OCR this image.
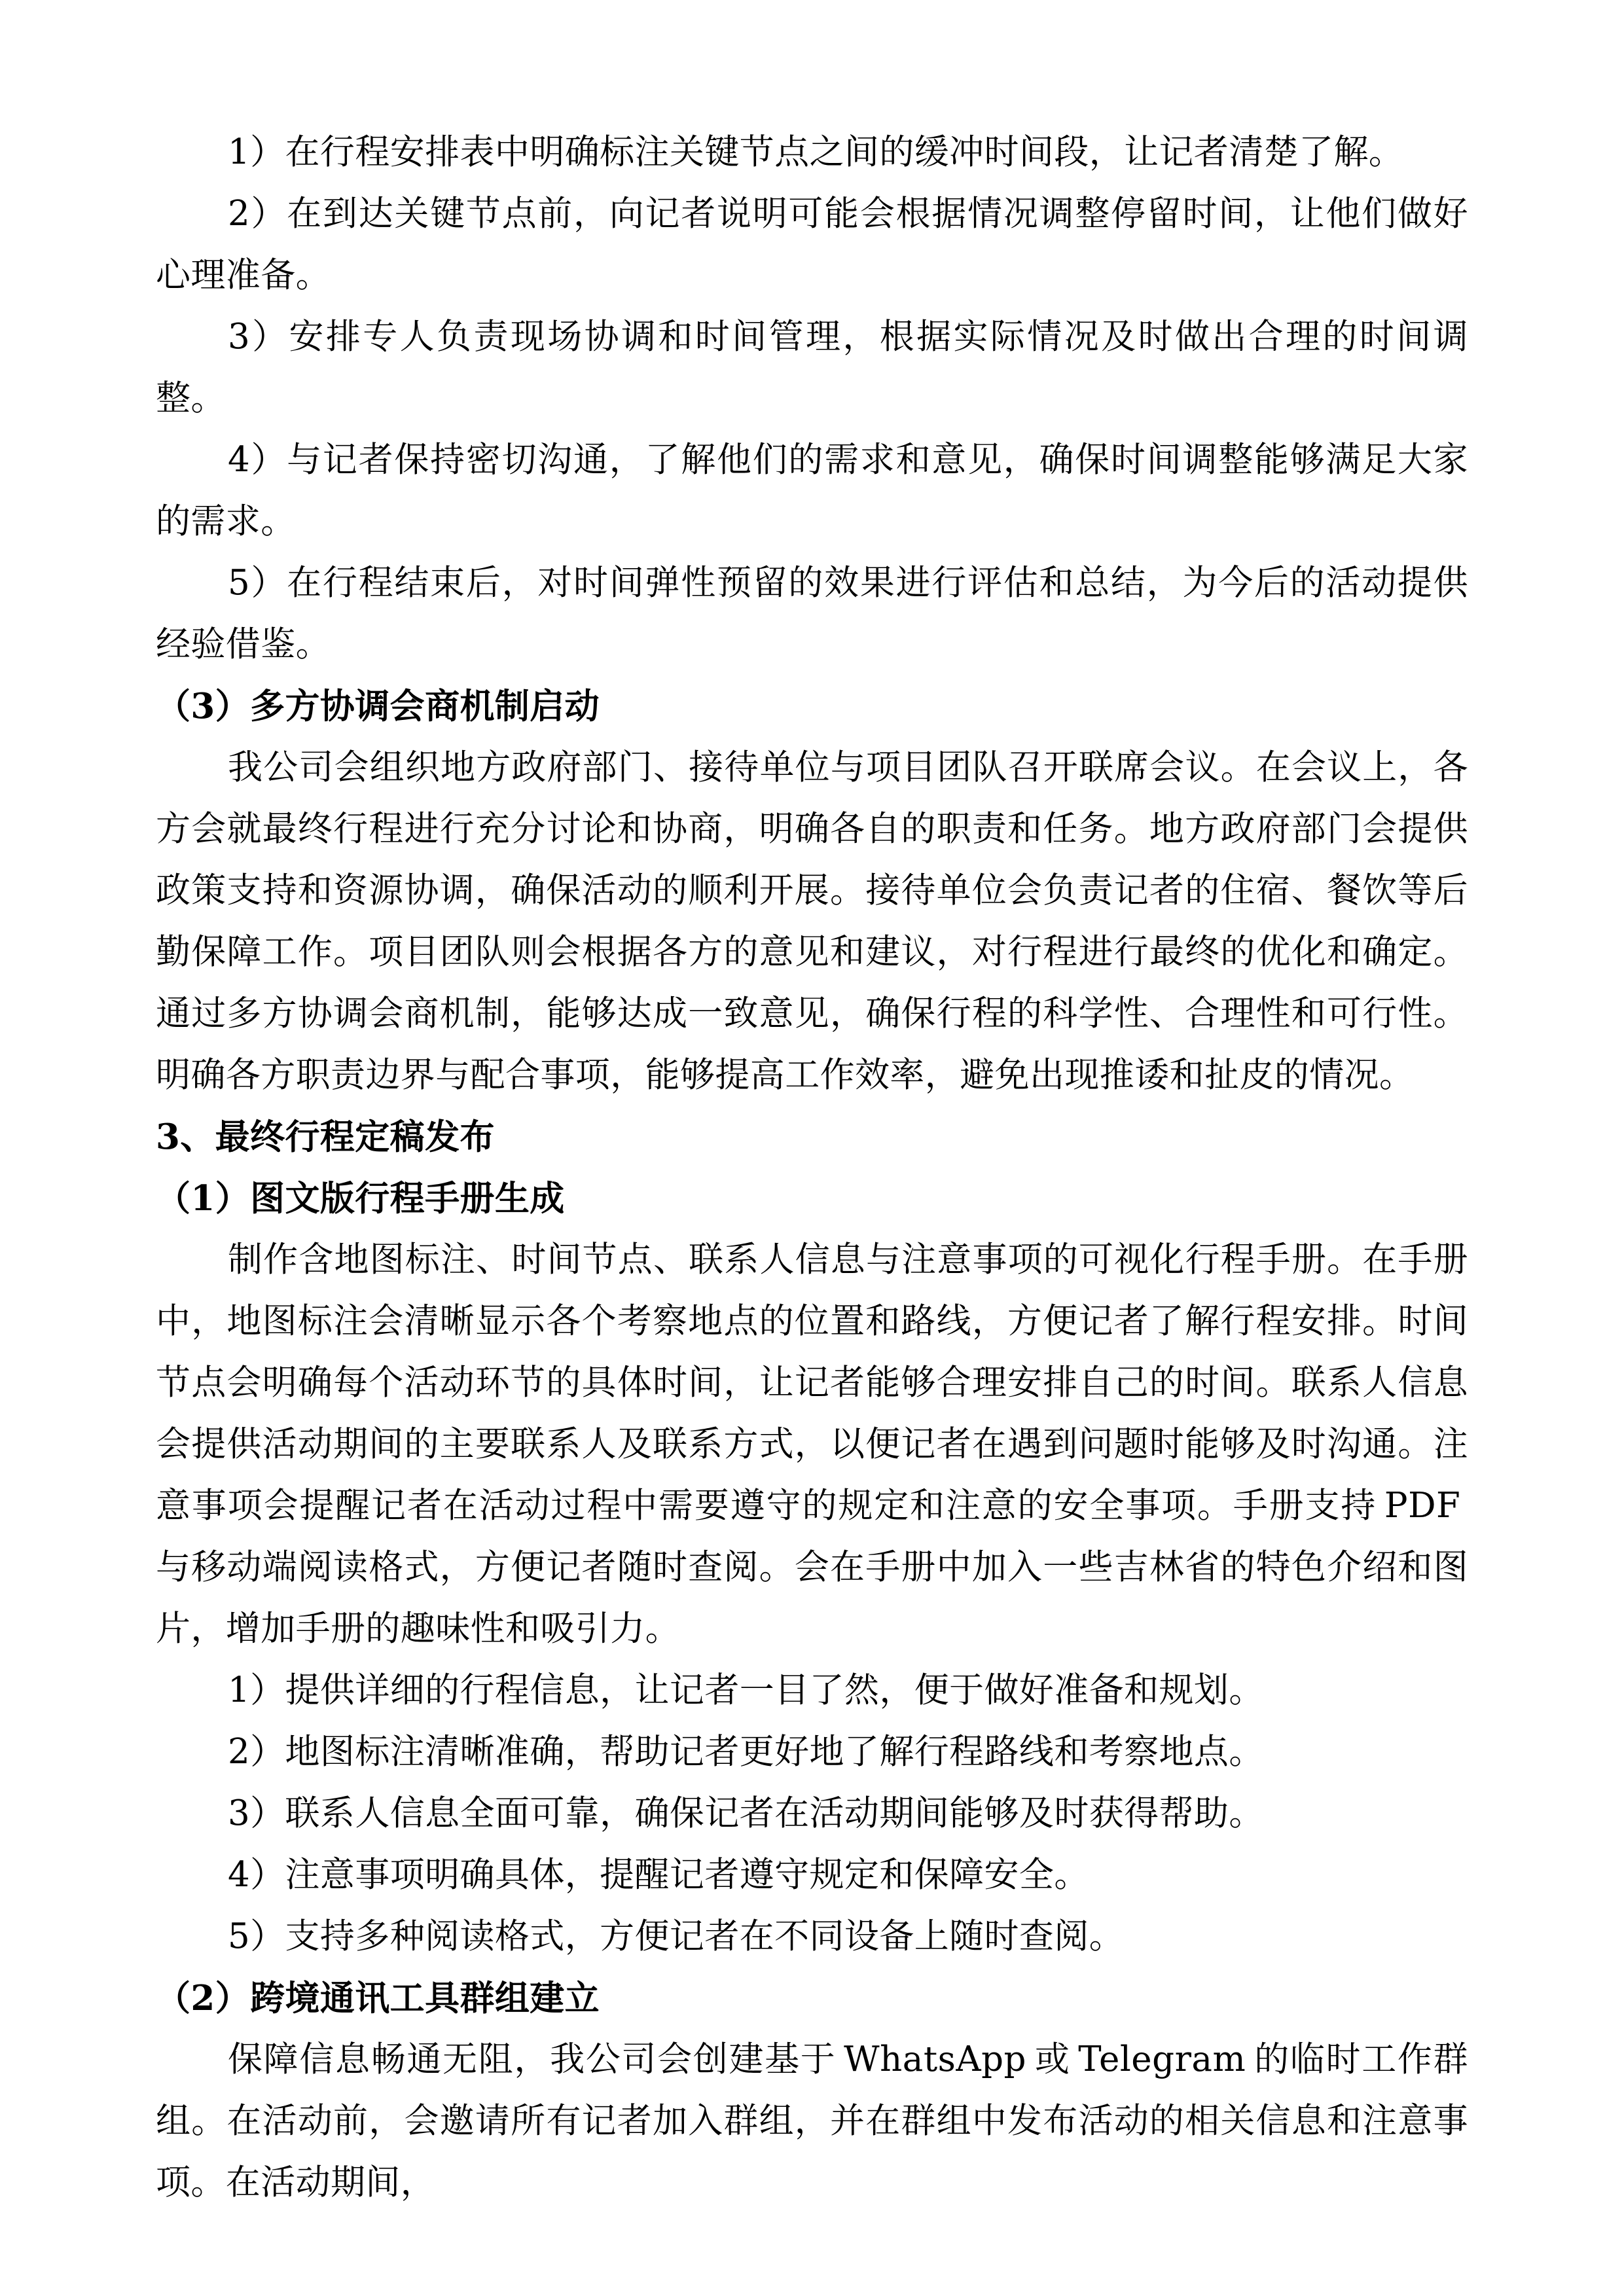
1）在行程安排表中明确标注关键节点之间的缓冲时间段，让记者清楚了解。

2）在到达关键节点前，向记者说明可能会根据情况调整停留时间，让他们做好心理准备。

3）安排专人负责现场协调和时间管理，根据实际情况及时做出合理的时间调整。

4）与记者保持密切沟通，了解他们的需求和意见，确保时间调整能够满足大家的需求。

5）在行程结束后，对时间弹性预留的效果进行评估和总结，为今后的活动提供经验借鉴。

（3）多方协调会商机制启动

我公司会组织地方政府部门、接待单位与项目团队召开联席会议。在会议上，各方会就最终行程进行充分讨论和协商，明确各自的职责和任务。地方政府部门会提供政策支持和资源协调，确保活动的顺利开展。接待单位会负责记者的住宿、餐饮等后勤保障工作。项目团队则会根据各方的意见和建议，对行程进行最终的优化和确定。通过多方协调会商机制，能够达成一致意见，确保行程的科学性、合理性和可行性。明确各方职责边界与配合事项，能够提高工作效率，避免出现推诿和扯皮的情况。

3、最终行程定稿发布

（1）图文版行程手册生成

制作含地图标注、时间节点、联系人信息与注意事项的可视化行程手册。在手册中，地图标注会清晰显示各个考察地点的位置和路线，方便记者了解行程安排。时间节点会明确每个活动环节的具体时间，让记者能够合理安排自己的时间。联系人信息会提供活动期间的主要联系人及联系方式，以便记者在遇到问题时能够及时沟通。注意事项会提醒记者在活动过程中需要遵守的规定和注意的安全事项。手册支持 PDF与移动端阅读格式，方便记者随时查阅。会在手册中加入一些吉林省的特色介绍和图片，增加手册的趣味性和吸引力。

1）提供详细的行程信息，让记者一目了然，便于做好准备和规划。

2）地图标注清晰准确，帮助记者更好地了解行程路线和考察地点。

3）联系人信息全面可靠，确保记者在活动期间能够及时获得帮助。

4）注意事项明确具体，提醒记者遵守规定和保障安全。

5）支持多种阅读格式，方便记者在不同设备上随时查阅。

（2）跨境通讯工具群组建立

保障信息畅通无阻，我公司会创建基于 WhatsApp 或 Telegram 的临时工作群组。在活动前，会邀请所有记者加入群组，并在群组中发布活动的相关信息和注意事项。在活动期间，
